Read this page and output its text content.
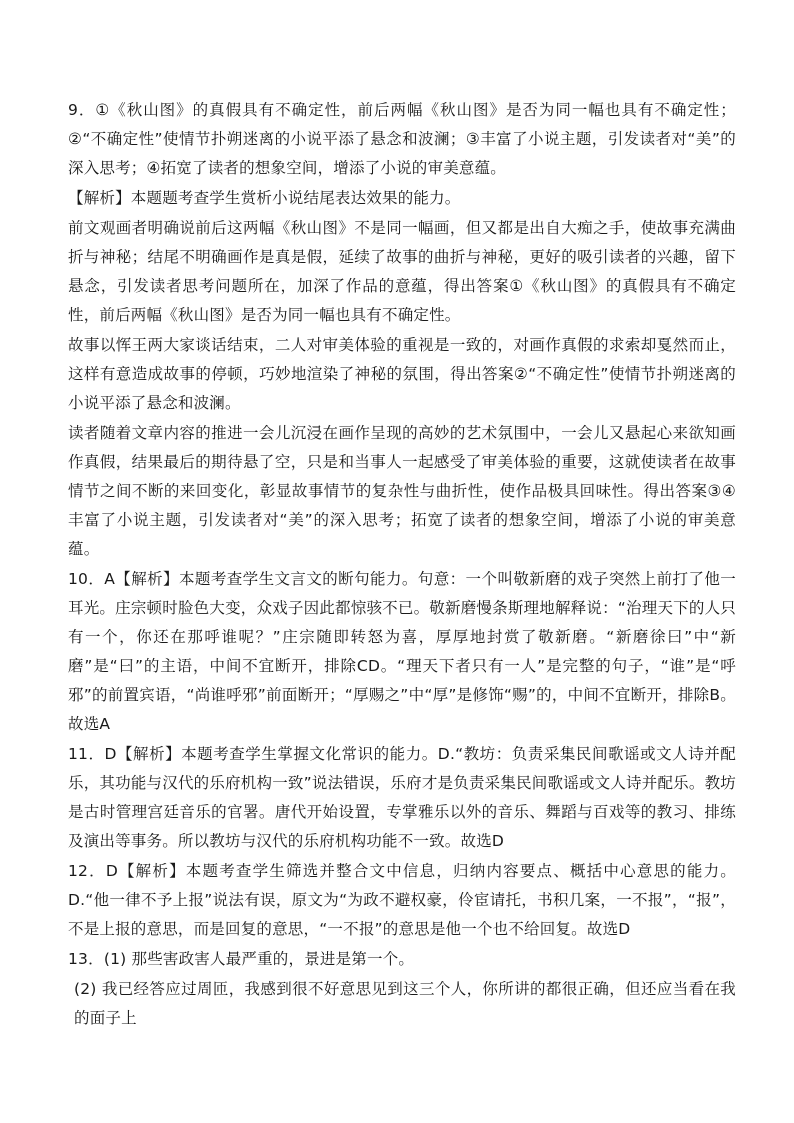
9．①《秋山图》的真假具有不确定性，前后两幅《秋山图》是否为同一幅也具有不确定性；②“不确定性”使情节扑朔迷离的小说平添了悬念和波澜；③丰富了小说主题，引发读者对“美”的深入思考；④拓宽了读者的想象空间，增添了小说的审美意蕴。

【解析】本题题考查学生赏析小说结尾表达效果的能力。

前文观画者明确说前后这两幅《秋山图》不是同一幅画，但又都是出自大痴之手，使故事充满曲折与神秘；结尾不明确画作是真是假，延续了故事的曲折与神秘，更好的吸引读者的兴趣，留下悬念，引发读者思考问题所在，加深了作品的意蕴，得出答案①《秋山图》的真假具有不确定性，前后两幅《秋山图》是否为同一幅也具有不确定性。

故事以恽王两大家谈话结束，二人对审美体验的重视是一致的，对画作真假的求索却戛然而止，这样有意造成故事的停顿，巧妙地渲染了神秘的氛围，得出答案②“不确定性”使情节扑朔迷离的小说平添了悬念和波澜。

读者随着文章内容的推进一会儿沉浸在画作呈现的高妙的艺术氛围中，一会儿又悬起心来欲知画作真假，结果最后的期待悬了空，只是和当事人一起感受了审美体验的重要，这就使读者在故事情节之间不断的来回变化，彰显故事情节的复杂性与曲折性，使作品极具回味性。得出答案③④丰富了小说主题，引发读者对“美”的深入思考；拓宽了读者的想象空间，增添了小说的审美意蕴。

10．A【解析】本题考查学生文言文的断句能力。句意：一个叫敬新磨的戏子突然上前打了他一耳光。庄宗顿时脸色大变，众戏子因此都惊骇不已。敬新磨慢条斯理地解释说：“治理天下的人只有一个，你还在那呼谁呢？”庄宗随即转怒为喜，厚厚地封赏了敬新磨。“新磨徐曰”中“新磨”是“曰”的主语，中间不宜断开，排除CD。“理天下者只有一人”是完整的句子，“谁”是“呼邪”的前置宾语，“尚谁呼邪”前面断开；“厚赐之”中“厚”是修饰“赐”的，中间不宜断开，排除B。故选A

11．D【解析】本题考查学生掌握文化常识的能力。D.“教坊：负责采集民间歌谣或文人诗并配乐，其功能与汉代的乐府机构一致”说法错误，乐府才是负责采集民间歌谣或文人诗并配乐。教坊是古时管理宫廷音乐的官署。唐代开始设置，专掌雅乐以外的音乐、舞蹈与百戏等的教习、排练及演出等事务。所以教坊与汉代的乐府机构功能不一致。故选D

12．D【解析】本题考查学生筛选并整合文中信息，归纳内容要点、概括中心意思的能力。D.“他一律不予上报”说法有误，原文为“为政不避权豪，伶宦请托，书积几案，一不报”，“报”，不是上报的意思，而是回复的意思，“一不报”的意思是他一个也不给回复。故选D

13．(1) 那些害政害人最严重的，景进是第一个。

(2) 我已经答应过周匝，我感到很不好意思见到这三个人，你所讲的都很正确，但还应当看在我的面子上
